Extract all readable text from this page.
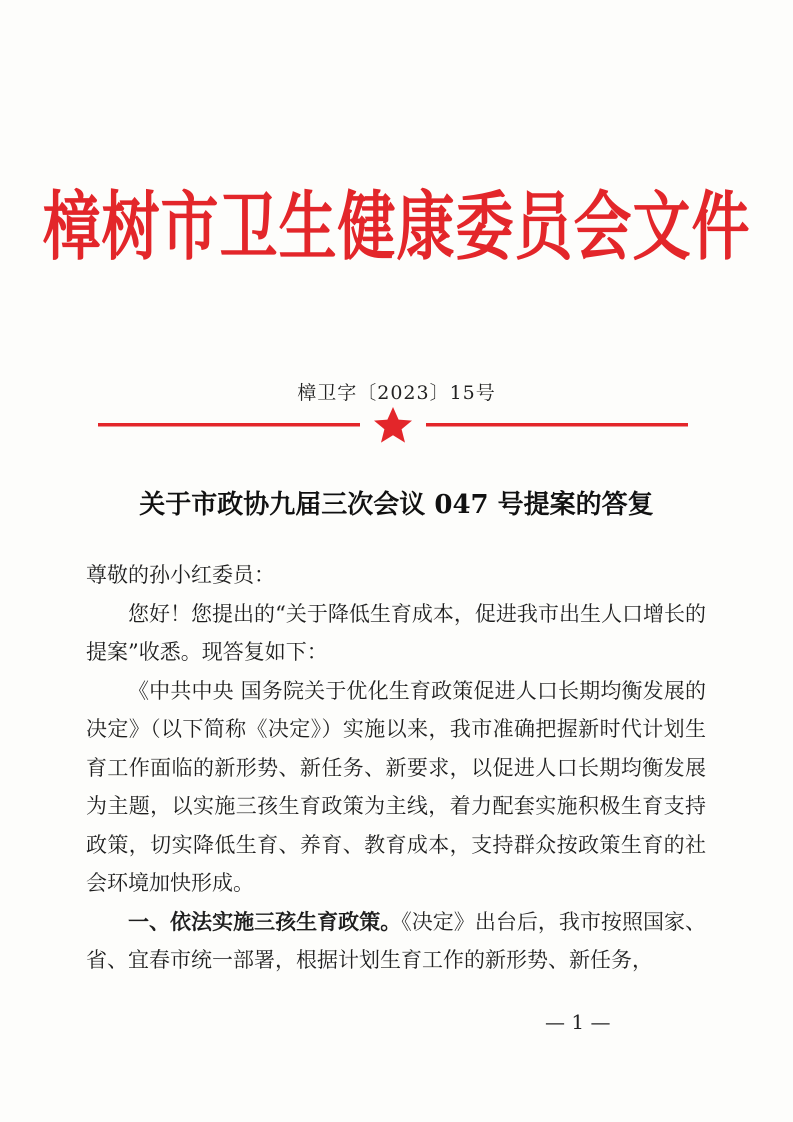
樟树市卫生健康委员会文件
樟卫字〔2023〕15号
关于市政协九届三次会议 047 号提案的答复

尊敬的孙小红委员：

您好！您提出的“关于降低生育成本，促进我市出生人口增长的提案”收悉。现答复如下：

《中共中央 国务院关于优化生育政策促进人口长期均衡发展的决定》（以下简称《决定》）实施以来，我市准确把握新时代计划生育工作面临的新形势、新任务、新要求，以促进人口长期均衡发展为主题，以实施三孩生育政策为主线，着力配套实施积极生育支持政策，切实降低生育、养育、教育成本，支持群众按政策生育的社会环境加快形成。

一、依法实施三孩生育政策。《决定》出台后，我市按照国家、省、宜春市统一部署，根据计划生育工作的新形势、新任务，

— 1 —
